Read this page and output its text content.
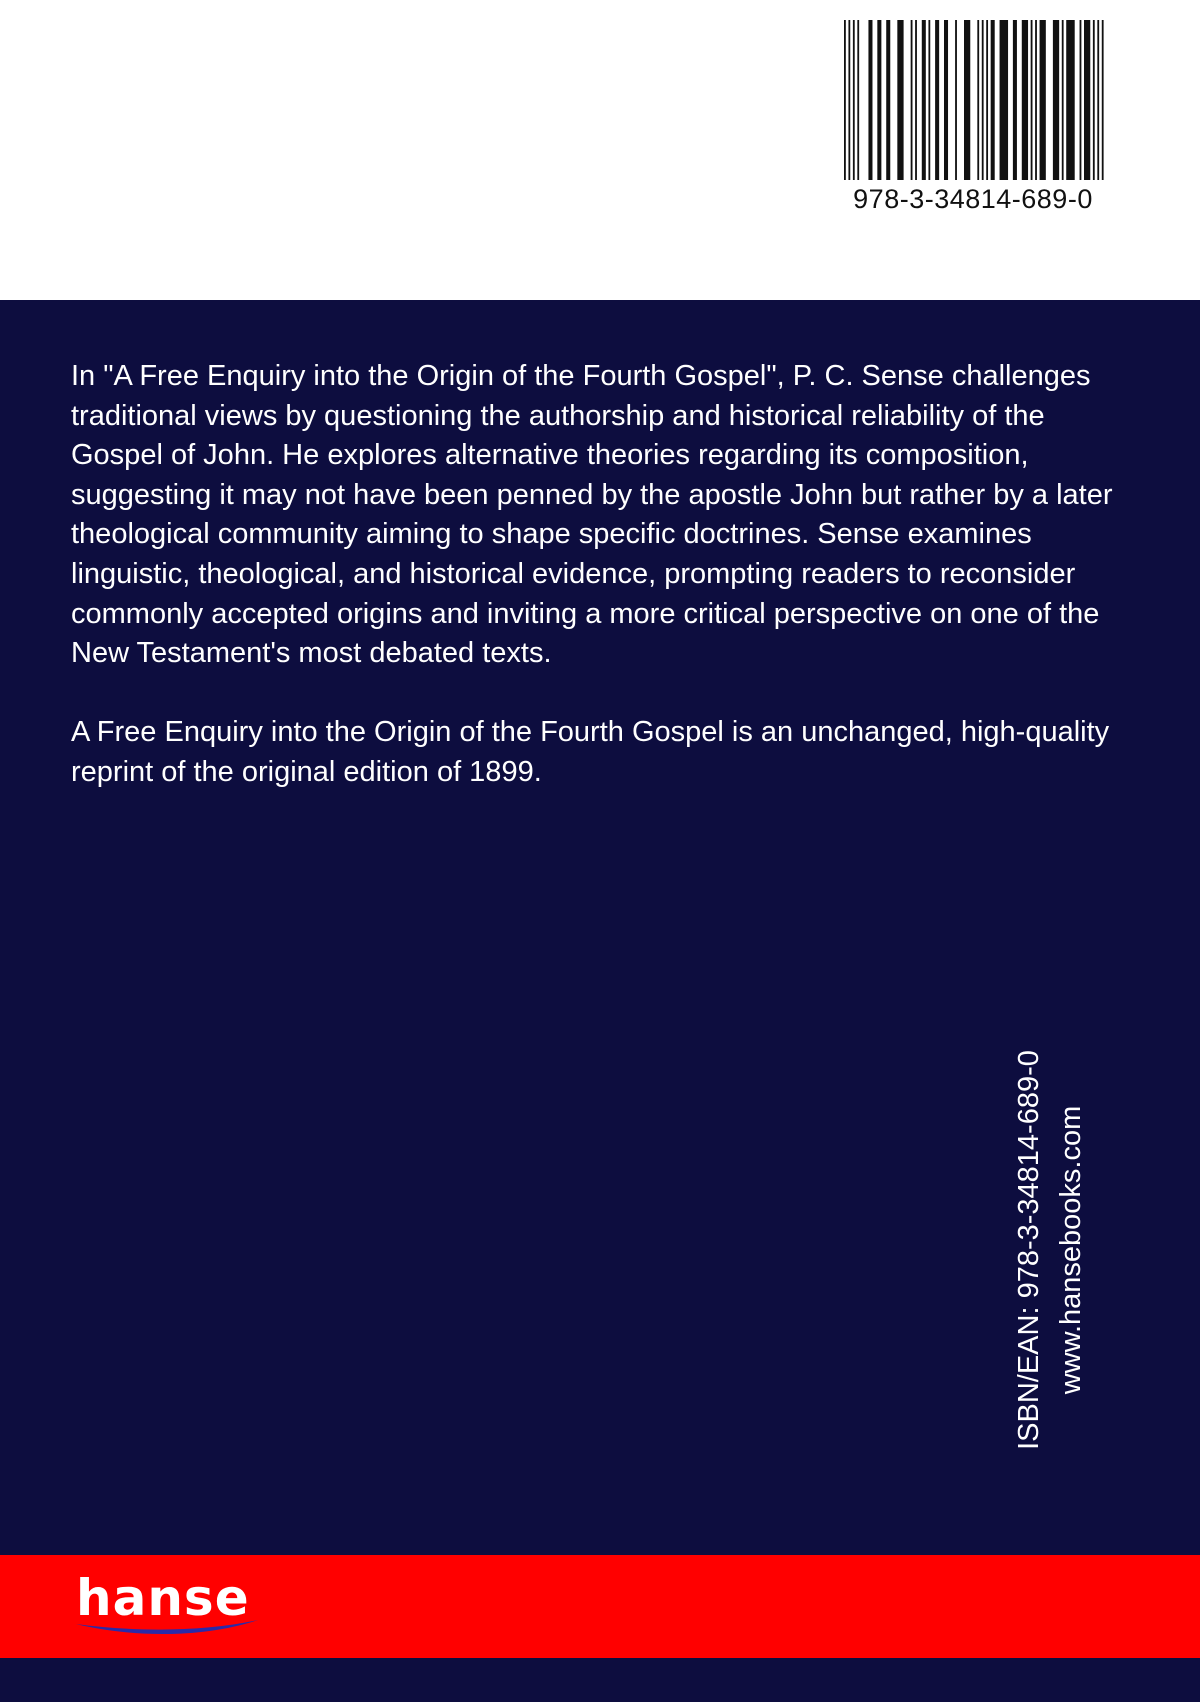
978-3-34814-689-0

In "A Free Enquiry into the Origin of the Fourth Gospel", P. C. Sense challenges traditional views by questioning the authorship and historical reliability of the Gospel of John. He explores alternative theories regarding its composition, suggesting it may not have been penned by the apostle John but rather by a later theological community aiming to shape specific doctrines. Sense examines linguistic, theological, and historical evidence, prompting readers to reconsider commonly accepted origins and inviting a more critical perspective on one of the New Testament's most debated texts.

A Free Enquiry into the Origin of the Fourth Gospel is an unchanged, high-quality reprint of the original edition of 1899.

ISBN/EAN: 978-3-34814-689-0 www.hansebooks.com
hanse
